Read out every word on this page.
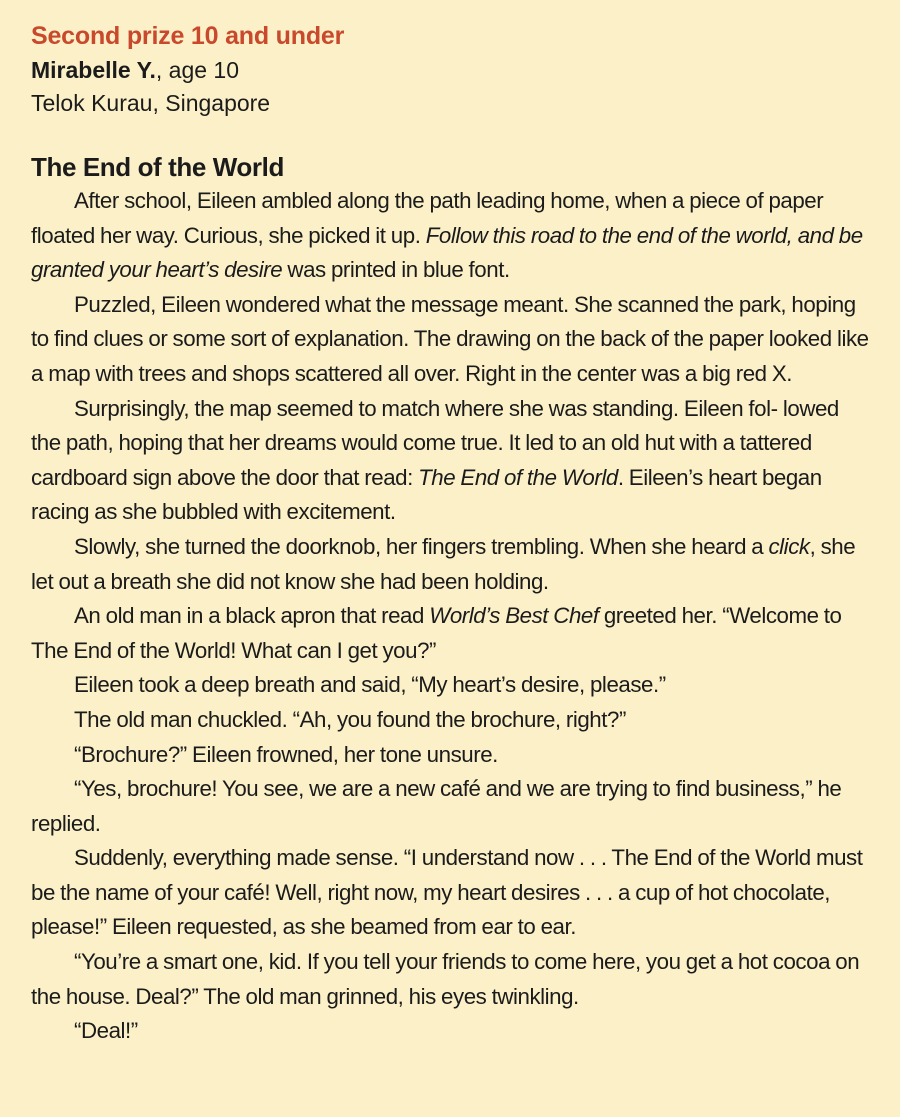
Second prize 10 and under
Mirabelle Y., age 10
Telok Kurau, Singapore
The End of the World

After school, Eileen ambled along the path leading home, when a piece of paper floated her way. Curious, she picked it up. Follow this road to the end of the world, and be granted your heart’s desire was printed in blue font.

Puzzled, Eileen wondered what the message meant. She scanned the park, hoping to find clues or some sort of explanation. The drawing on the back of the paper looked like a map with trees and shops scattered all over. Right in the center was a big red X.

Surprisingly, the map seemed to match where she was standing. Eileen fol- lowed the path, hoping that her dreams would come true. It led to an old hut with a tattered cardboard sign above the door that read: The End of the World. Eileen’s heart began racing as she bubbled with excitement.

Slowly, she turned the doorknob, her fingers trembling. When she heard a click, she let out a breath she did not know she had been holding.

An old man in a black apron that read World’s Best Chef greeted her. “Welcome to The End of the World! What can I get you?”

Eileen took a deep breath and said, “My heart’s desire, please.”

The old man chuckled. “Ah, you found the brochure, right?”

“Brochure?” Eileen frowned, her tone unsure.

“Yes, brochure! You see, we are a new café and we are trying to find business,” he replied.

Suddenly, everything made sense. “I understand now . . . The End of the World must be the name of your café! Well, right now, my heart desires . . . a cup of hot chocolate, please!” Eileen requested, as she beamed from ear to ear.

“You’re a smart one, kid. If you tell your friends to come here, you get a hot cocoa on the house. Deal?” The old man grinned, his eyes twinkling.

“Deal!”
